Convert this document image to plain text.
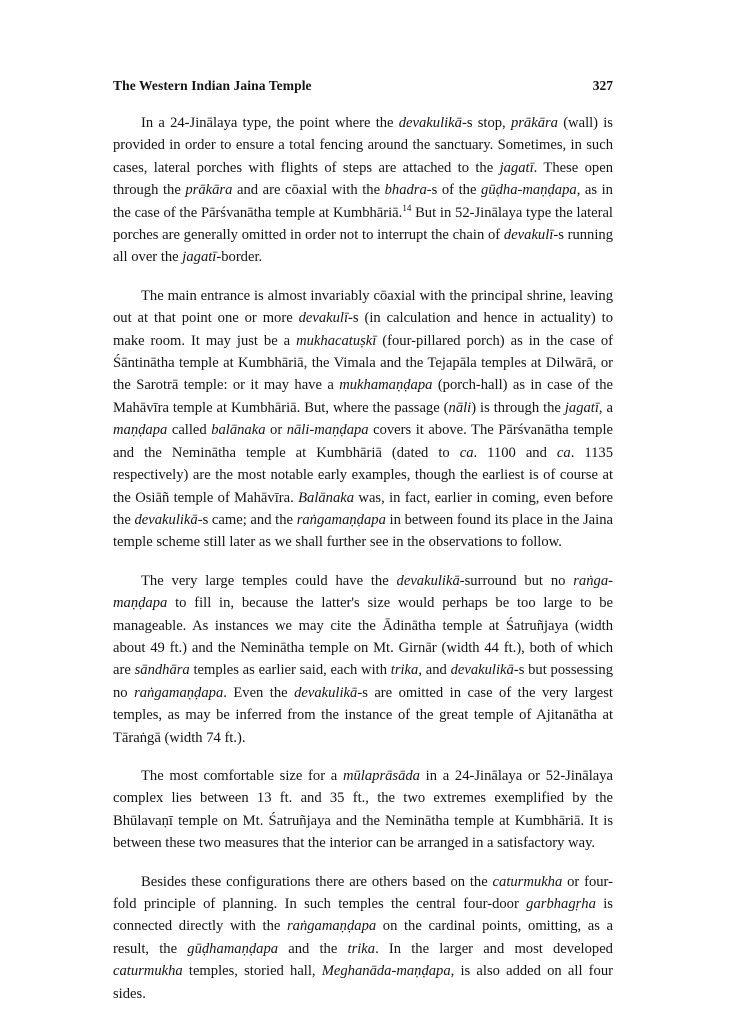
The Western Indian Jaina Temple	327

In a 24-Jinālaya type, the point where the devakulikā-s stop, prākāra (wall) is provided in order to ensure a total fencing around the sanctuary. Sometimes, in such cases, lateral porches with flights of steps are attached to the jagatī. These open through the prākāra and are cōaxial with the bhadra-s of the gūḍha-maṇḍapa, as in the case of the Pārśvanātha temple at Kumbhāriā.$^{14}$ But in 52-Jinālaya type the lateral porches are generally omitted in order not to interrupt the chain of devakulī-s running all over the jagatī-border.

The main entrance is almost invariably cōaxial with the principal shrine, leaving out at that point one or more devakulī-s (in calculation and hence in actuality) to make room. It may just be a mukhacatuṣkī (four-pillared porch) as in the case of Śāntinātha temple at Kumbhāriā, the Vimala and the Tejapāla temples at Dilwārā, or the Sarotrā temple: or it may have a mukhamaṇḍapa (porch-hall) as in case of the Mahāvīra temple at Kumbhāriā. But, where the passage (nāli) is through the jagatī, a maṇḍapa called balānaka or nāli-maṇḍapa covers it above. The Pārśvanātha temple and the Neminātha temple at Kumbhāriā (dated to ca. 1100 and ca. 1135 respectively) are the most notable early examples, though the earliest is of course at the Osiāñ temple of Mahāvīra. Balānaka was, in fact, earlier in coming, even before the devakulikā-s came; and the raṅgamaṇḍapa in between found its place in the Jaina temple scheme still later as we shall further see in the observations to follow.

The very large temples could have the devakulikā-surround but no raṅga-maṇḍapa to fill in, because the latter's size would perhaps be too large to be manageable. As instances we may cite the Ādinātha temple at Śatruñjaya (width about 49 ft.) and the Neminātha temple on Mt. Girnār (width 44 ft.), both of which are sāndhāra temples as earlier said, each with trika, and devakulikā-s but possessing no raṅgamaṇḍapa. Even the devakulikā-s are omitted in case of the very largest temples, as may be inferred from the instance of the great temple of Ajitanātha at Tāraṅgā (width 74 ft.).

The most comfortable size for a mūlaprāsāda in a 24-Jinālaya or 52-Jinālaya complex lies between 13 ft. and 35 ft., the two extremes exemplified by the Bhūlavaṇī temple on Mt. Śatruñjaya and the Neminātha temple at Kumbhāriā. It is between these two measures that the interior can be arranged in a satisfactory way.

Besides these configurations there are others based on the caturmukha or four-fold principle of planning. In such temples the central four-door garbhagṛha is connected directly with the raṅgamaṇḍapa on the cardinal points, omitting, as a result, the gūḍhamaṇḍapa and the trika. In the larger and most developed caturmukha temples, storied hall, Meghanāda-maṇḍapa, is also added on all four sides.
